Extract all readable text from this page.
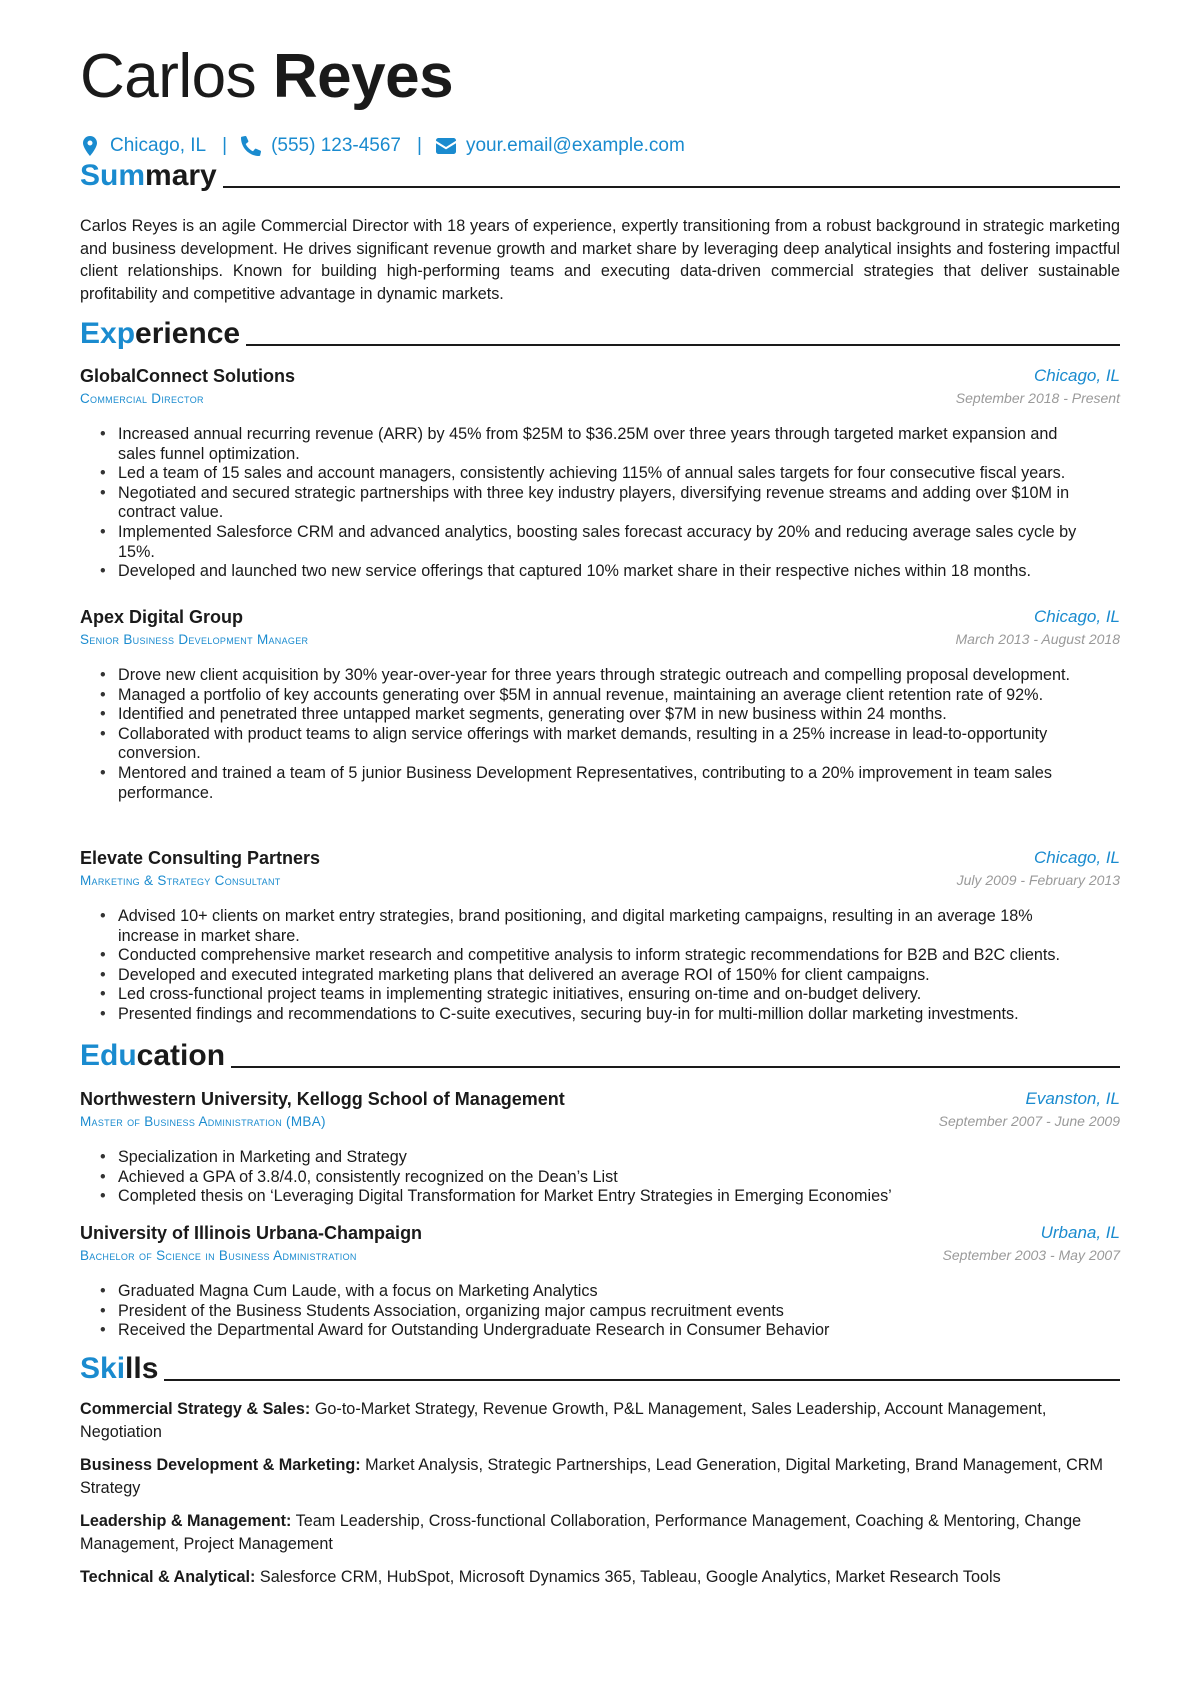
Carlos Reyes
Chicago, IL | (555) 123-4567 | your.email@example.com
Summary

Carlos Reyes is an agile Commercial Director with 18 years of experience, expertly transitioning from a robust background in strategic marketing and business development. He drives significant revenue growth and market share by leveraging deep analytical insights and fostering impactful client relationships. Known for building high-performing teams and executing data-driven commercial strategies that deliver sustainable profitability and competitive advantage in dynamic markets.

Experience
GlobalConnect Solutions	Chicago, IL
Commercial Director	September 2018 - Present
• Increased annual recurring revenue (ARR) by 45% from $25M to $36.25M over three years through targeted market expansion and sales funnel optimization.
• Led a team of 15 sales and account managers, consistently achieving 115% of annual sales targets for four consecutive fiscal years.
• Negotiated and secured strategic partnerships with three key industry players, diversifying revenue streams and adding over $10M in contract value.
• Implemented Salesforce CRM and advanced analytics, boosting sales forecast accuracy by 20% and reducing average sales cycle by 15%.
• Developed and launched two new service offerings that captured 10% market share in their respective niches within 18 months.
Apex Digital Group	Chicago, IL
Senior Business Development Manager	March 2013 - August 2018
• Drove new client acquisition by 30% year-over-year for three years through strategic outreach and compelling proposal development.
• Managed a portfolio of key accounts generating over $5M in annual revenue, maintaining an average client retention rate of 92%.
• Identified and penetrated three untapped market segments, generating over $7M in new business within 24 months.
• Collaborated with product teams to align service offerings with market demands, resulting in a 25% increase in lead-to-opportunity conversion.
• Mentored and trained a team of 5 junior Business Development Representatives, contributing to a 20% improvement in team sales performance.
Elevate Consulting Partners	Chicago, IL
Marketing & Strategy Consultant	July 2009 - February 2013
• Advised 10+ clients on market entry strategies, brand positioning, and digital marketing campaigns, resulting in an average 18% increase in market share.
• Conducted comprehensive market research and competitive analysis to inform strategic recommendations for B2B and B2C clients.
• Developed and executed integrated marketing plans that delivered an average ROI of 150% for client campaigns.
• Led cross-functional project teams in implementing strategic initiatives, ensuring on-time and on-budget delivery.
• Presented findings and recommendations to C-suite executives, securing buy-in for multi-million dollar marketing investments.
Education
Northwestern University, Kellogg School of Management	Evanston, IL
Master of Business Administration (MBA)	September 2007 - June 2009
• Specialization in Marketing and Strategy
• Achieved a GPA of 3.8/4.0, consistently recognized on the Dean’s List
• Completed thesis on ‘Leveraging Digital Transformation for Market Entry Strategies in Emerging Economies’
University of Illinois Urbana-Champaign	Urbana, IL
Bachelor of Science in Business Administration	September 2003 - May 2007
• Graduated Magna Cum Laude, with a focus on Marketing Analytics
• President of the Business Students Association, organizing major campus recruitment events
• Received the Departmental Award for Outstanding Undergraduate Research in Consumer Behavior
Skills

Commercial Strategy & Sales: Go-to-Market Strategy, Revenue Growth, P&L Management, Sales Leadership, Account Management, Negotiation

Business Development & Marketing: Market Analysis, Strategic Partnerships, Lead Generation, Digital Marketing, Brand Management, CRM Strategy

Leadership & Management: Team Leadership, Cross-functional Collaboration, Performance Management, Coaching & Mentoring, Change Management, Project Management

Technical & Analytical: Salesforce CRM, HubSpot, Microsoft Dynamics 365, Tableau, Google Analytics, Market Research Tools
